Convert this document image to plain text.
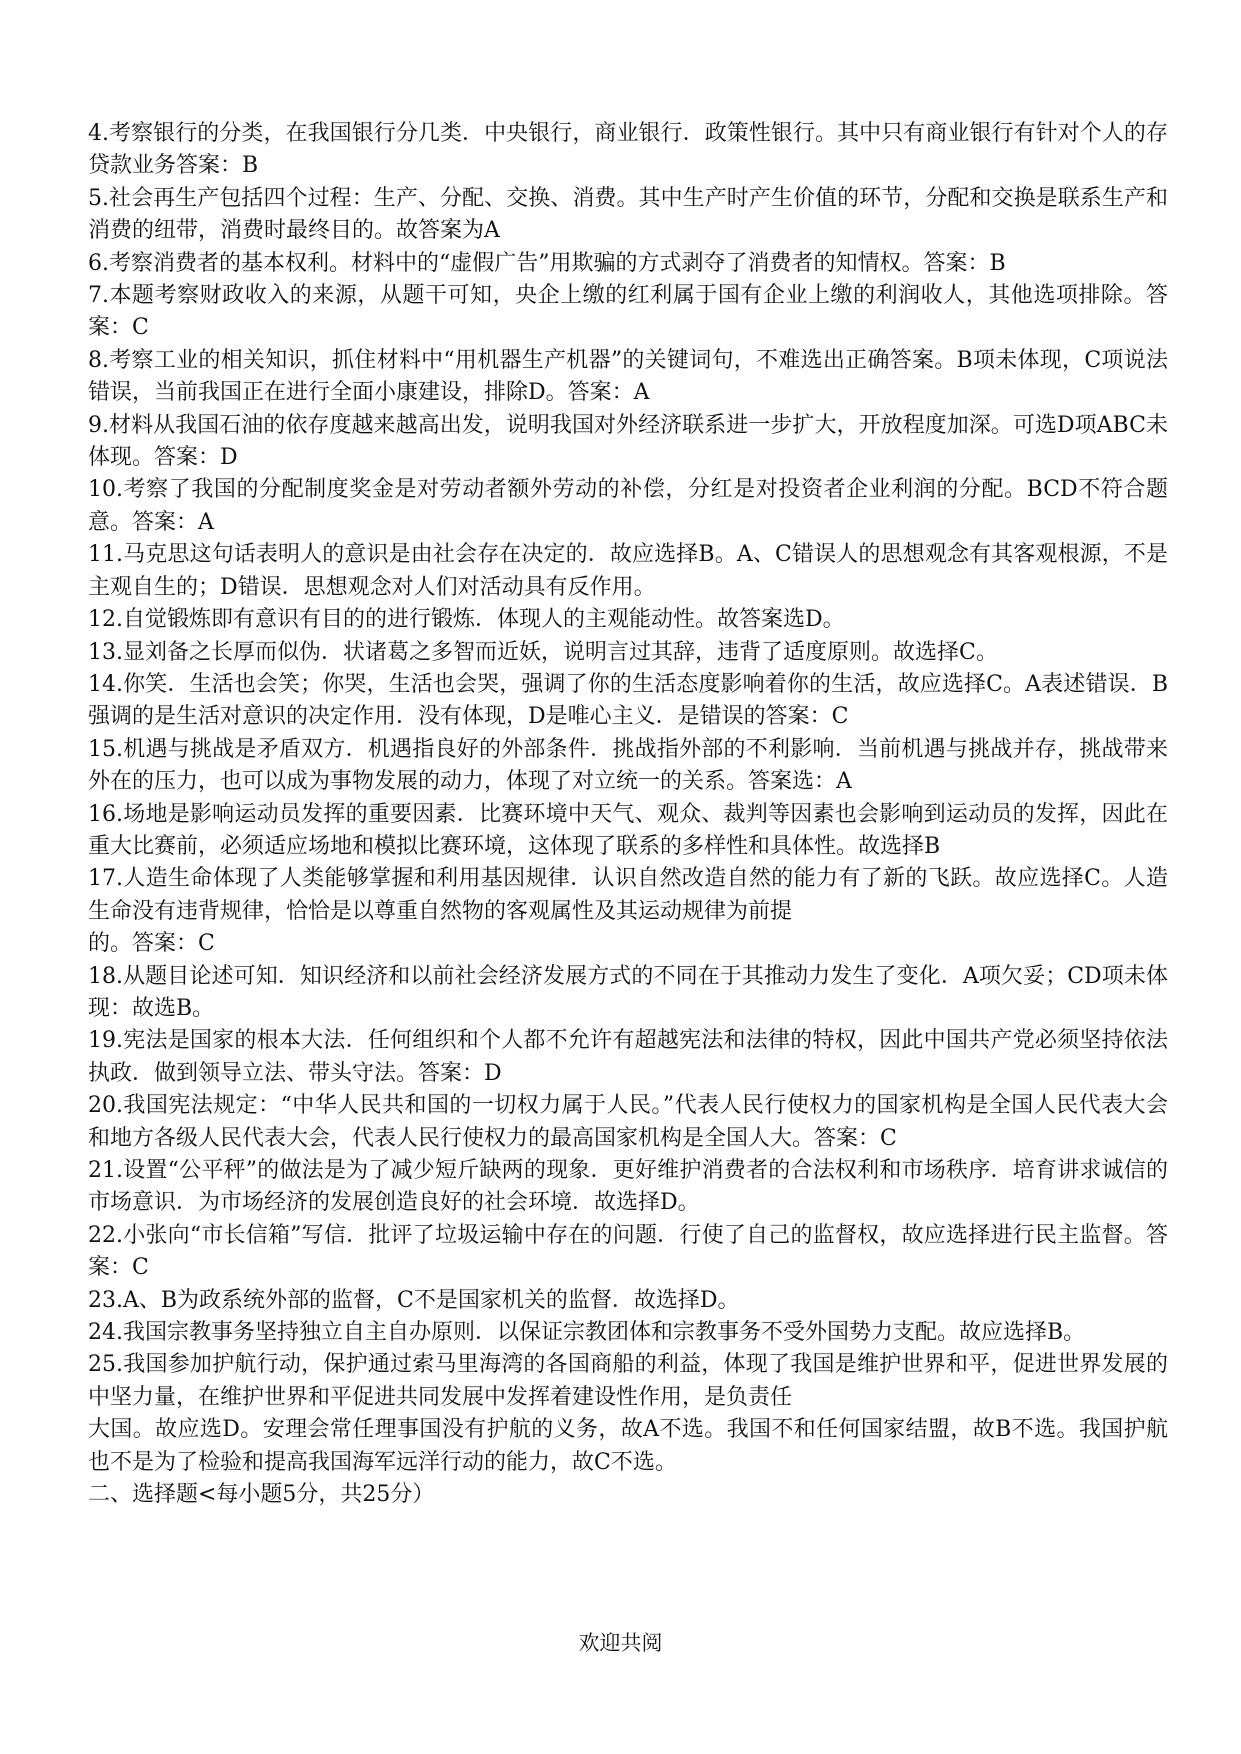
4.考察银行的分类，在我国银行分几类．中央银行，商业银行．政策性银行。其中只有商业银行有针对个人的存贷款业务答案：B

5.社会再生产包括四个过程：生产、分配、交换、消费。其中生产时产生价值的环节，分配和交换是联系生产和消费的纽带，消费时最终目的。故答案为A

6.考察消费者的基本权利。材料中的“虚假广告”用欺骗的方式剥夺了消费者的知情权。答案：B

7.本题考察财政收入的来源，从题干可知，央企上缴的红利属于国有企业上缴的利润收人，其他选项排除。答案：C

8.考察工业的相关知识，抓住材料中“用机器生产机器”的关键词句，不难选出正确答案。B项未体现，C项说法错误，当前我国正在进行全面小康建设，排除D。答案：A

9.材料从我国石油的依存度越来越高出发，说明我国对外经济联系进一步扩大，开放程度加深。可选D项ABC未体现。答案：D

10.考察了我国的分配制度奖金是对劳动者额外劳动的补偿，分红是对投资者企业利润的分配。BCD不符合题意。答案：A

11.马克思这句话表明人的意识是由社会存在决定的．故应选择B。A、C错误人的思想观念有其客观根源，不是主观自生的；D错误．思想观念对人们对活动具有反作用。

12.自觉锻炼即有意识有目的的进行锻炼．体现人的主观能动性。故答案选D。

13.显刘备之长厚而似伪．状诸葛之多智而近妖，说明言过其辞，违背了适度原则。故选择C。

14.你笑．生活也会笑；你哭，生活也会哭，强调了你的生活态度影响着你的生活，故应选择C。A表述错误．B强调的是生活对意识的决定作用．没有体现，D是唯心主义．是错误的答案：C

15.机遇与挑战是矛盾双方．机遇指良好的外部条件．挑战指外部的不利影响．当前机遇与挑战并存，挑战带来外在的压力，也可以成为事物发展的动力，体现了对立统一的关系。答案选：A

16.场地是影响运动员发挥的重要因素．比赛环境中天气、观众、裁判等因素也会影响到运动员的发挥，因此在重大比赛前，必须适应场地和模拟比赛环境，这体现了联系的多样性和具体性。故选择B

17.人造生命体现了人类能够掌握和利用基因规律．认识自然改造自然的能力有了新的飞跃。故应选择C。人造生命没有违背规律，恰恰是以尊重自然物的客观属性及其运动规律为前提

的。答案：C

18.从题目论述可知．知识经济和以前社会经济发展方式的不同在于其推动力发生了变化．A项欠妥；CD项未体现：故选B。

19.宪法是国家的根本大法．任何组织和个人都不允许有超越宪法和法律的特权，因此中国共产党必须坚持依法执政．做到领导立法、带头守法。答案：D

20.我国宪法规定：“中华人民共和国的一切权力属于人民。”代表人民行使权力的国家机构是全国人民代表大会和地方各级人民代表大会，代表人民行使权力的最高国家机构是全国人大。答案：C

21.设置“公平秤”的做法是为了减少短斤缺两的现象．更好维护消费者的合法权利和市场秩序．培育讲求诚信的市场意识．为市场经济的发展创造良好的社会环境．故选择D。

22.小张向“市长信箱”写信．批评了垃圾运输中存在的问题．行使了自己的监督权，故应选择进行民主监督。答案：C

23.A、B为政系统外部的监督，C不是国家机关的监督．故选择D。

24.我国宗教事务坚持独立自主自办原则．以保证宗教团体和宗教事务不受外国势力支配。故应选择B。

25.我国参加护航行动，保护通过索马里海湾的各国商船的利益，体现了我国是维护世界和平，促进世界发展的中坚力量，在维护世界和平促进共同发展中发挥着建设性作用，是负责任

大国。故应选D。安理会常任理事国没有护航的义务，故A不选。我国不和任何国家结盟，故B不选。我国护航也不是为了检验和提高我国海军远洋行动的能力，故C不选。

二、选择题<每小题5分，共25分）

欢迎共阅
